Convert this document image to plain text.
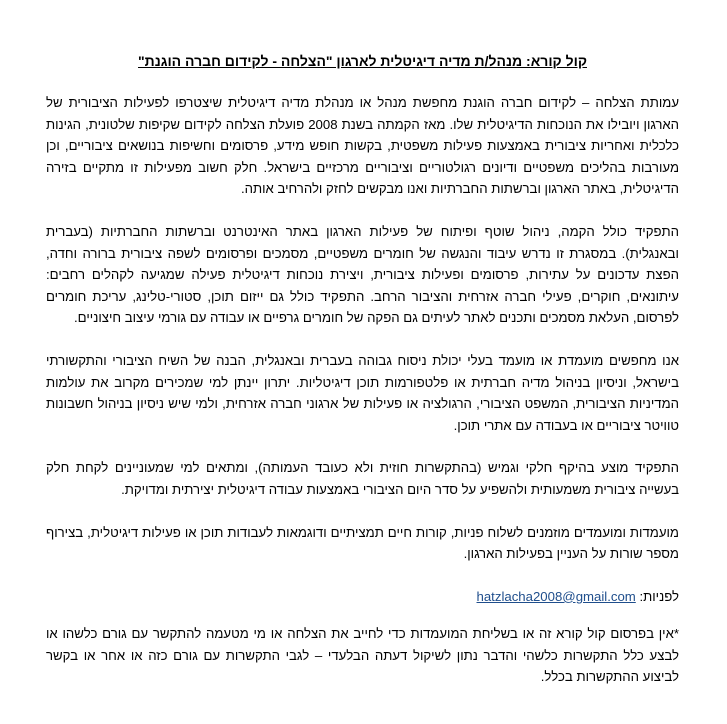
קול קורא: מנהל/ת מדיה דיגיטלית לארגון "הצלחה - לקידום חברה הוגנת"

עמותת הצלחה – לקידום חברה הוגנת מחפשת מנהל או מנהלת מדיה דיגיטלית שיצטרפו לפעילות הציבורית של הארגון ויובילו את הנוכחות הדיגיטלית שלו. מאז הקמתה בשנת 2008 פועלת הצלחה לקידום שקיפות שלטונית, הגינות כלכלית ואחריות ציבורית באמצעות פעילות משפטית, בקשות חופש מידע, פרסומים וחשיפות בנושאים ציבוריים, וכן מעורבות בהליכים משפטיים ודיונים רגולטוריים וציבוריים מרכזיים בישראל. חלק חשוב מפעילות זו מתקיים בזירה הדיגיטלית, באתר הארגון וברשתות החברתיות ואנו מבקשים לחזק ולהרחיב אותה.

התפקיד כולל הקמה, ניהול שוטף ופיתוח של פעילות הארגון באתר האינטרנט וברשתות החברתיות (בעברית ובאנגלית). במסגרת זו נדרש עיבוד והנגשה של חומרים משפטיים, מסמכים ופרסומים לשפה ציבורית ברורה וחדה, הפצת עדכונים על עתירות, פרסומים ופעילות ציבורית, ויצירת נוכחות דיגיטלית פעילה שמגיעה לקהלים רחבים: עיתונאים, חוקרים, פעילי חברה אזרחית והציבור הרחב. התפקיד כולל גם ייזום תוכן, סטורי-טלינג, עריכת חומרים לפרסום, העלאת מסמכים ותכנים לאתר לעיתים גם הפקה של חומרים גרפיים או עבודה עם גורמי עיצוב חיצוניים.

אנו מחפשים מועמדת או מועמד בעלי יכולת ניסוח גבוהה בעברית ובאנגלית, הבנה של השיח הציבורי והתקשורתי בישראל, וניסיון בניהול מדיה חברתית או פלטפורמות תוכן דיגיטליות. יתרון יינתן למי שמכירים מקרוב את עולמות המדיניות הציבורית, המשפט הציבורי, הרגולציה או פעילות של ארגוני חברה אזרחית, ולמי שיש ניסיון בניהול חשבונות טוויטר ציבוריים או בעבודה עם אתרי תוכן.

התפקיד מוצע בהיקף חלקי וגמיש (בהתקשרות חוזית ולא כעובד העמותה), ומתאים למי שמעוניינים לקחת חלק בעשייה ציבורית משמעותית ולהשפיע על סדר היום הציבורי באמצעות עבודה דיגיטלית יצירתית ומדויקת.

מועמדות ומועמדים מוזמנים לשלוח פניות, קורות חיים תמציתיים ודוגמאות לעבודות תוכן או פעילות דיגיטלית, בצירוף מספר שורות על העניין בפעילות הארגון.

לפניות: hatzlacha2008@gmail.com

*אין בפרסום קול קורא זה או בשליחת המועמדות כדי לחייב את הצלחה או מי מטעמה להתקשר עם גורם כלשהו או לבצע כלל התקשרות כלשהי והדבר נתון לשיקול דעתה הבלעדי – לגבי התקשרות עם גורם כזה או אחר או בקשר לביצוע ההתקשרות בכלל.
